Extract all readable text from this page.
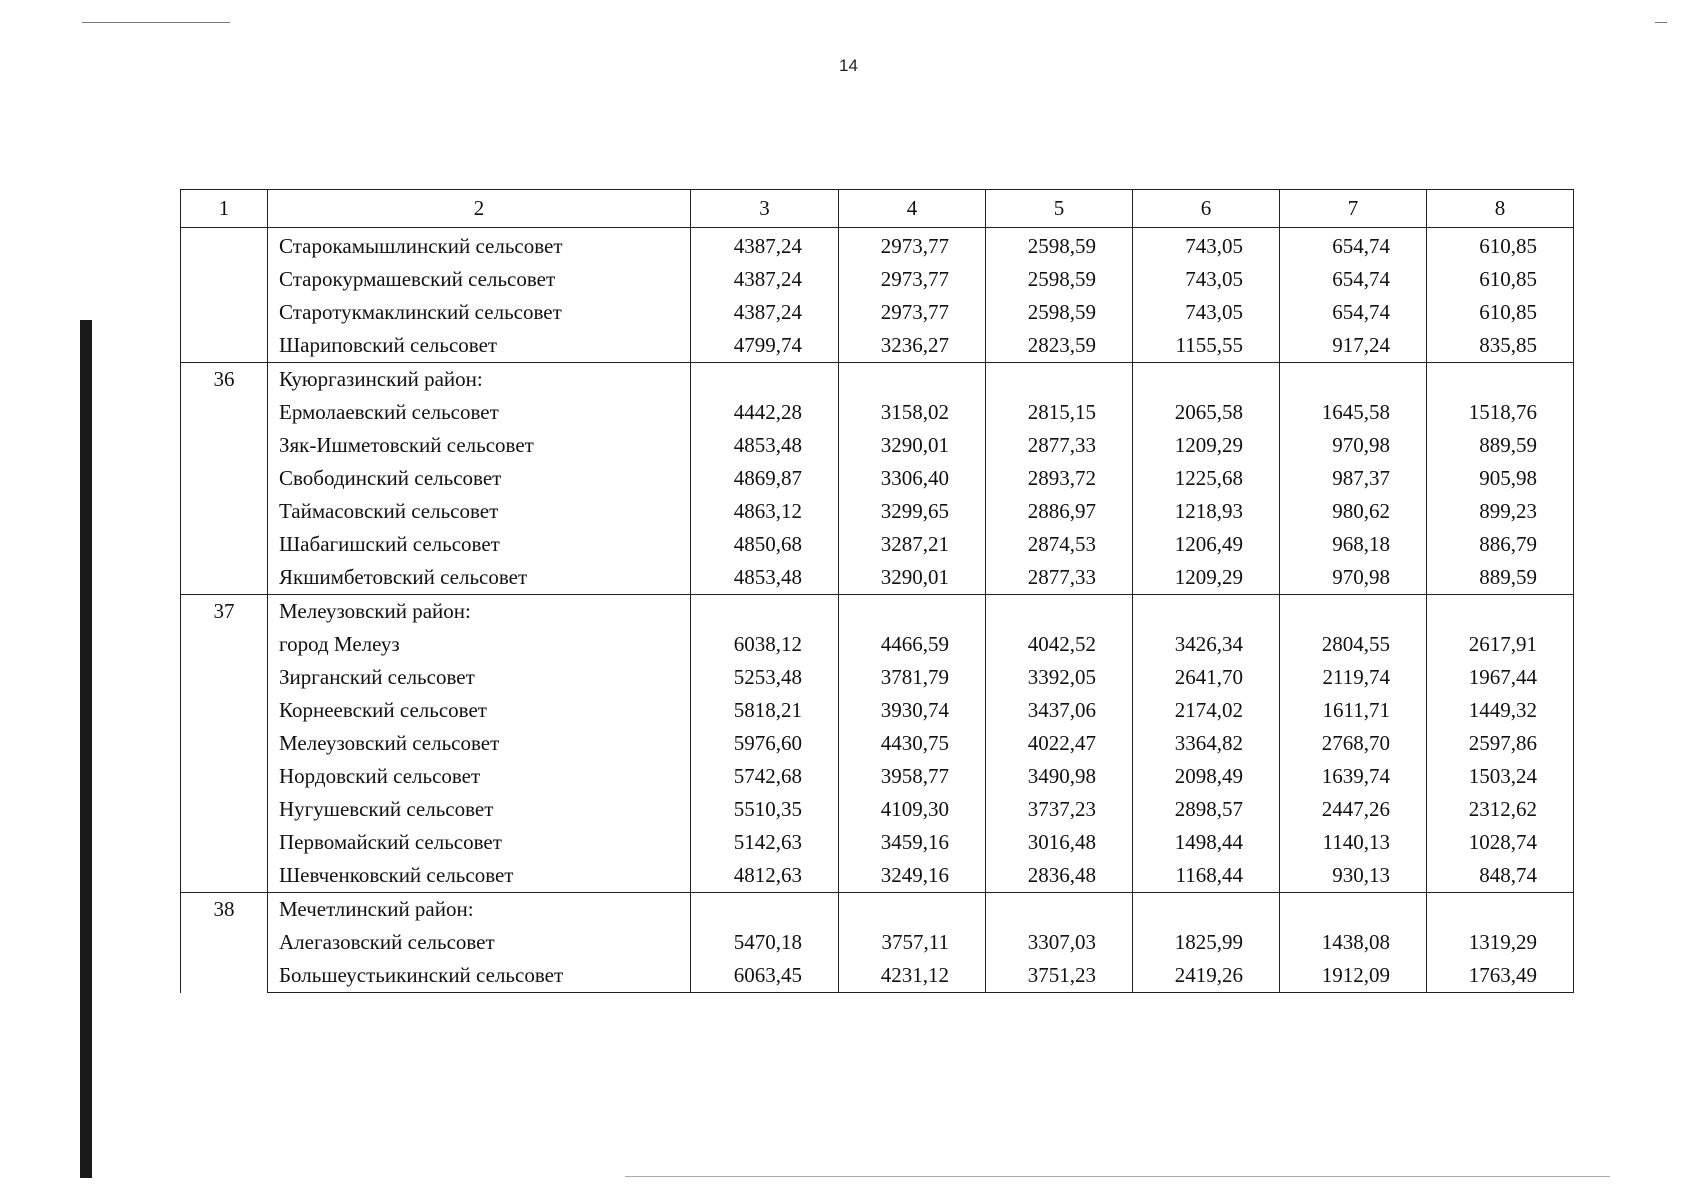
14
1	2	3	4	5	6	7	8
	Старокамышлинский сельсовет	4387,24	2973,77	2598,59	743,05	654,74	610,85
	Старокурмашевский сельсовет	4387,24	2973,77	2598,59	743,05	654,74	610,85
	Старотукмаклинский сельсовет	4387,24	2973,77	2598,59	743,05	654,74	610,85
	Шариповский сельсовет	4799,74	3236,27	2823,59	1155,55	917,24	835,85
36	Куюргазинский район:						
	Ермолаевский сельсовет	4442,28	3158,02	2815,15	2065,58	1645,58	1518,76
	Зяк-Ишметовский сельсовет	4853,48	3290,01	2877,33	1209,29	970,98	889,59
	Свободинский сельсовет	4869,87	3306,40	2893,72	1225,68	987,37	905,98
	Таймасовский сельсовет	4863,12	3299,65	2886,97	1218,93	980,62	899,23
	Шабагишский сельсовет	4850,68	3287,21	2874,53	1206,49	968,18	886,79
	Якшимбетовский сельсовет	4853,48	3290,01	2877,33	1209,29	970,98	889,59
37	Мелеузовский район:						
	город Мелеуз	6038,12	4466,59	4042,52	3426,34	2804,55	2617,91
	Зирганский сельсовет	5253,48	3781,79	3392,05	2641,70	2119,74	1967,44
	Корнеевский сельсовет	5818,21	3930,74	3437,06	2174,02	1611,71	1449,32
	Мелеузовский сельсовет	5976,60	4430,75	4022,47	3364,82	2768,70	2597,86
	Нордовский сельсовет	5742,68	3958,77	3490,98	2098,49	1639,74	1503,24
	Нугушевский сельсовет	5510,35	4109,30	3737,23	2898,57	2447,26	2312,62
	Первомайский сельсовет	5142,63	3459,16	3016,48	1498,44	1140,13	1028,74
	Шевченковский сельсовет	4812,63	3249,16	2836,48	1168,44	930,13	848,74
38	Мечетлинский район:						
	Алегазовский сельсовет	5470,18	3757,11	3307,03	1825,99	1438,08	1319,29
	Большеустьикинский сельсовет	6063,45	4231,12	3751,23	2419,26	1912,09	1763,49
